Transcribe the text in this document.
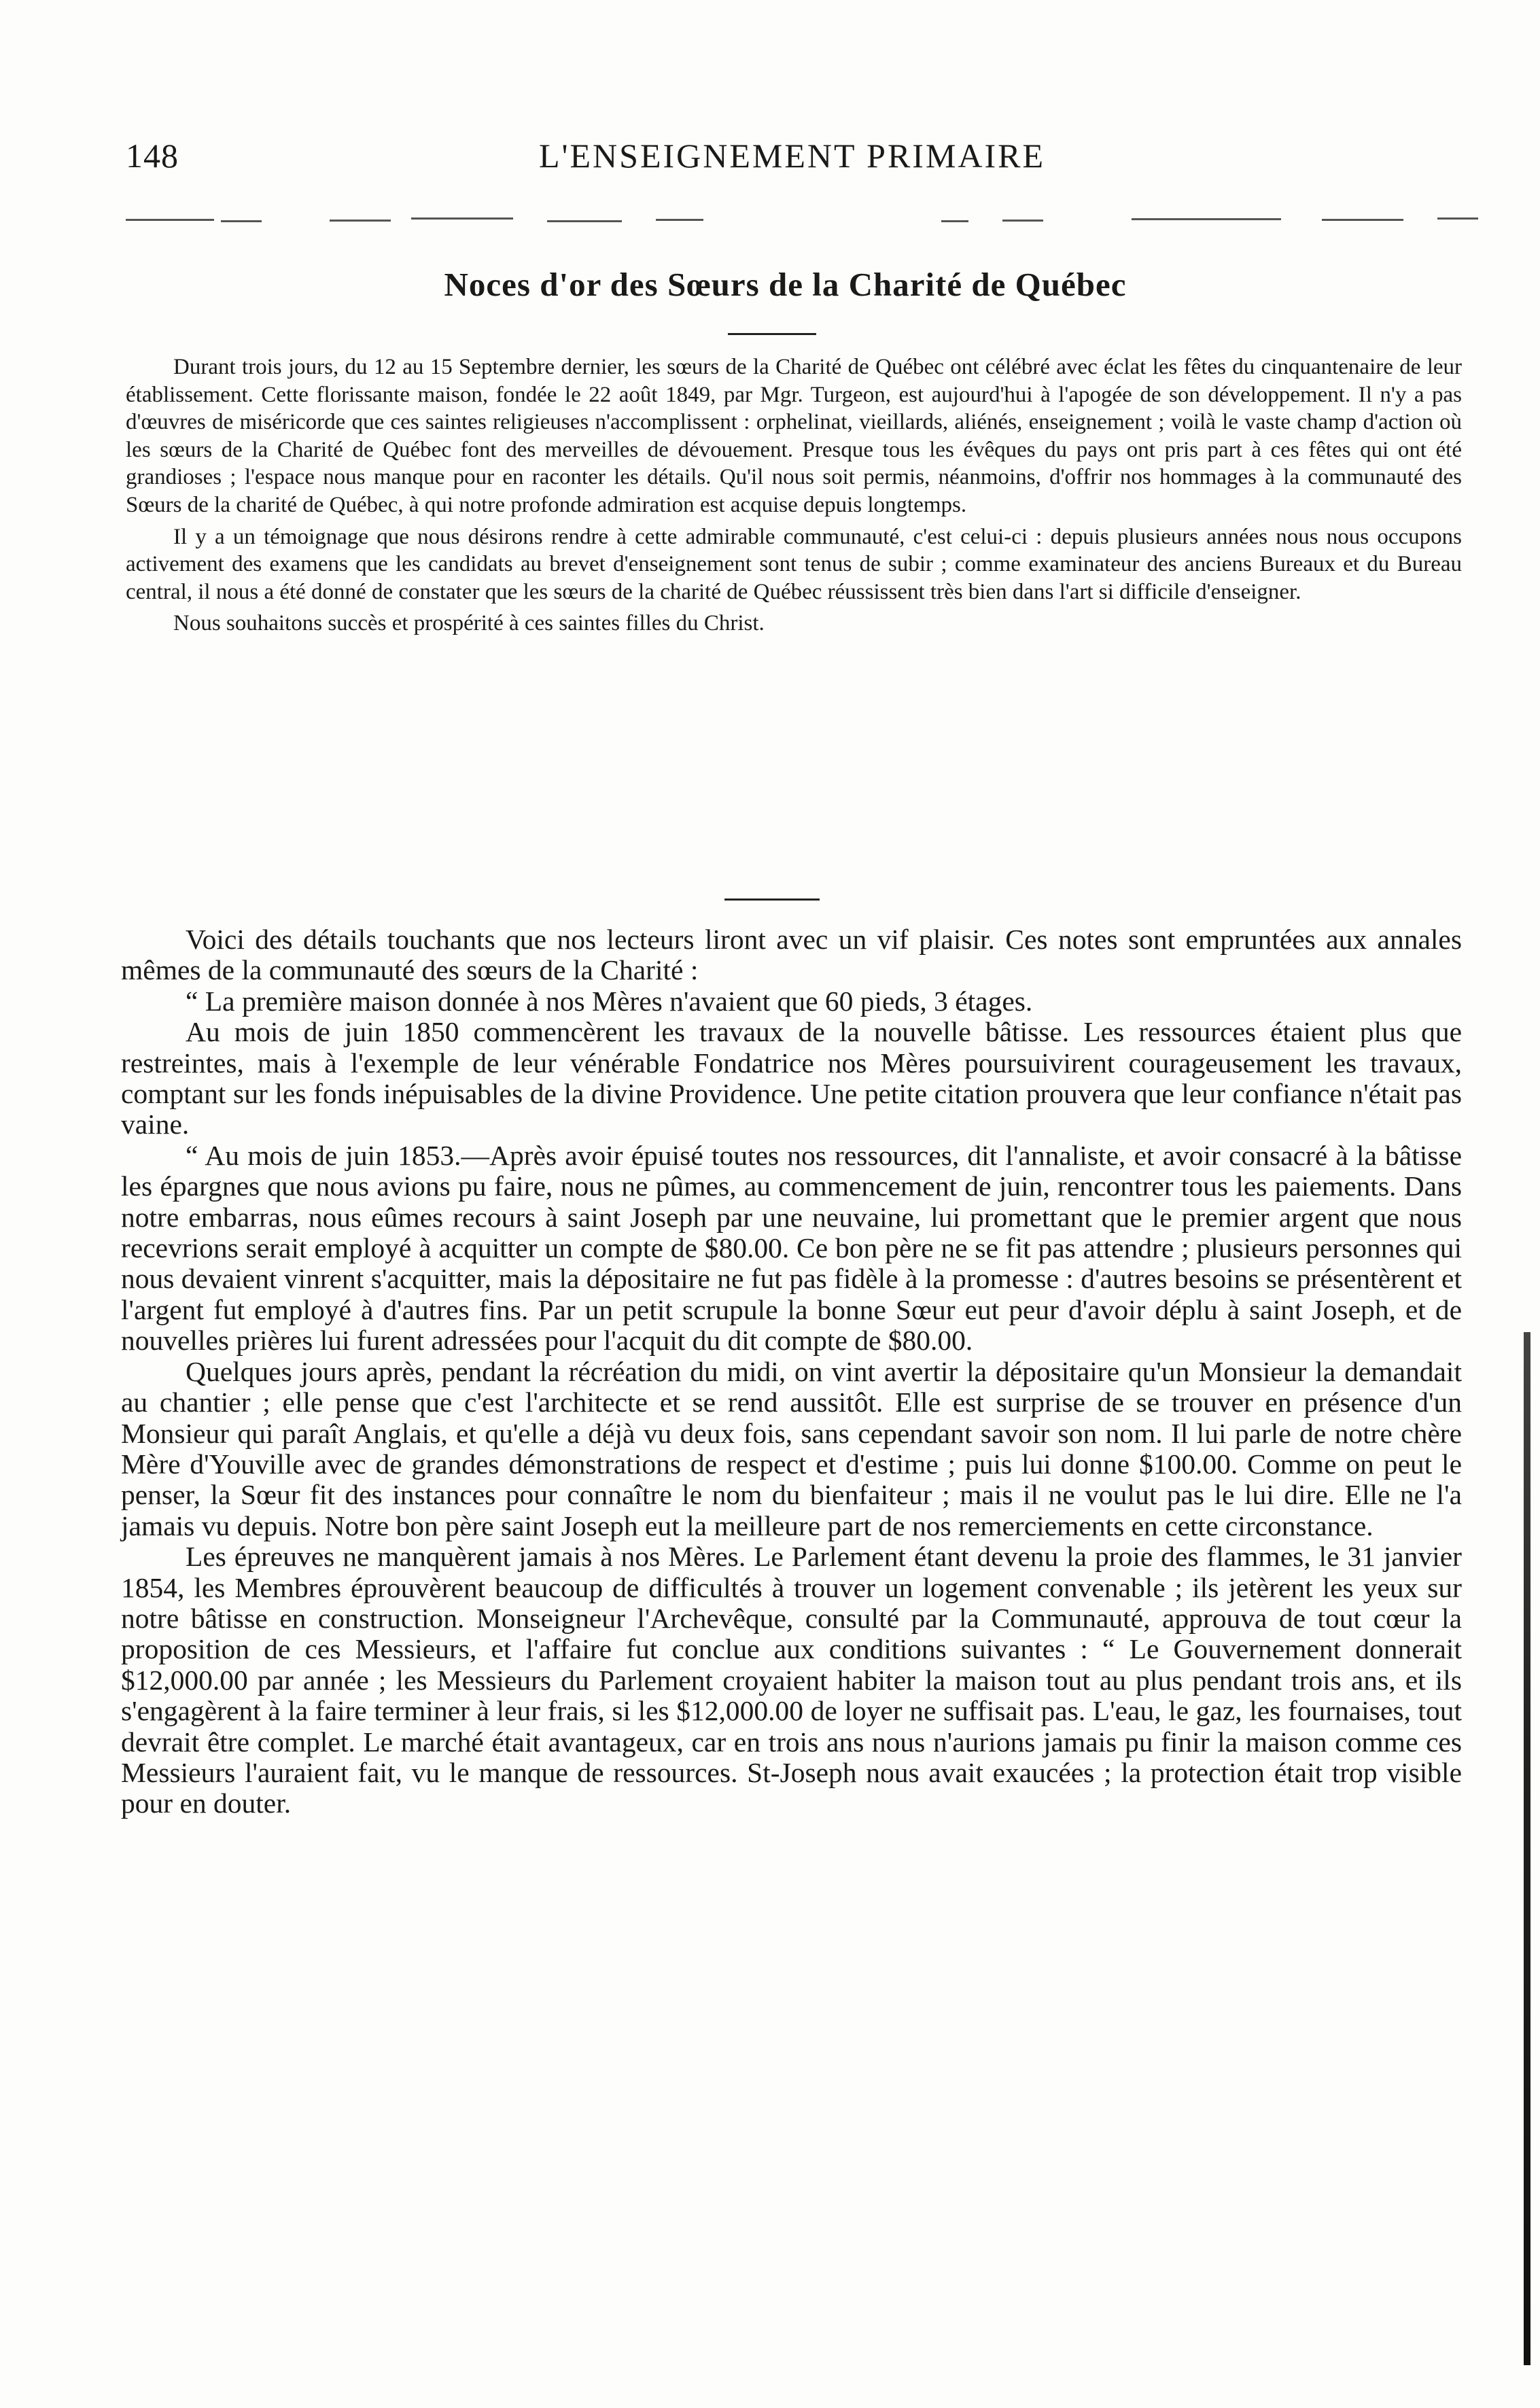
148	L'ENSEIGNEMENT PRIMAIRE
Noces d'or des Sœurs de la Charité de Québec

Durant trois jours, du 12 au 15 Septembre dernier, les sœurs de la Charité de Québec ont célébré avec éclat les fêtes du cinquantenaire de leur établissement. Cette florissante maison, fondée le 22 août 1849, par Mgr. Turgeon, est aujourd'hui à l'apogée de son développement. Il n'y a pas d'œuvres de miséricorde que ces saintes religieuses n'accomplissent : orphelinat, vieillards, aliénés, enseignement ; voilà le vaste champ d'action où les sœurs de la Charité de Québec font des merveilles de dévouement. Presque tous les évêques du pays ont pris part à ces fêtes qui ont été grandioses ; l'espace nous manque pour en raconter les détails. Qu'il nous soit permis, néanmoins, d'offrir nos hommages à la communauté des Sœurs de la charité de Québec, à qui notre profonde admiration est acquise depuis longtemps.

Il y a un témoignage que nous désirons rendre à cette admirable communauté, c'est celui-ci : depuis plusieurs années nous nous occupons activement des examens que les candidats au brevet d'enseignement sont tenus de subir ; comme examinateur des anciens Bureaux et du Bureau central, il nous a été donné de constater que les sœurs de la charité de Québec réussissent très bien dans l'art si difficile d'enseigner.

Nous souhaitons succès et prospérité à ces saintes filles du Christ.

Voici des détails touchants que nos lecteurs liront avec un vif plaisir. Ces notes sont empruntées aux annales mêmes de la communauté des sœurs de la Charité :

“ La première maison donnée à nos Mères n'avaient que 60 pieds, 3 étages.

Au mois de juin 1850 commencèrent les travaux de la nouvelle bâtisse. Les ressources étaient plus que restreintes, mais à l'exemple de leur vénérable Fondatrice nos Mères poursuivirent courageusement les travaux, comptant sur les fonds inépuisables de la divine Providence. Une petite citation prouvera que leur confiance n'était pas vaine.

“ Au mois de juin 1853.—Après avoir épuisé toutes nos ressources, dit l'annaliste, et avoir consacré à la bâtisse les épargnes que nous avions pu faire, nous ne pûmes, au commencement de juin, rencontrer tous les paiements. Dans notre embarras, nous eûmes recours à saint Joseph par une neuvaine, lui promettant que le premier argent que nous recevrions serait employé à acquitter un compte de $80.00. Ce bon père ne se fit pas attendre ; plusieurs personnes qui nous devaient vinrent s'acquitter, mais la dépositaire ne fut pas fidèle à la promesse : d'autres besoins se présentèrent et l'argent fut employé à d'autres fins. Par un petit scrupule la bonne Sœur eut peur d'avoir déplu à saint Joseph, et de nouvelles prières lui furent adressées pour l'acquit du dit compte de $80.00.

Quelques jours après, pendant la récréation du midi, on vint avertir la dépositaire qu'un Monsieur la demandait au chantier ; elle pense que c'est l'architecte et se rend aussitôt. Elle est surprise de se trouver en présence d'un Monsieur qui paraît Anglais, et qu'elle a déjà vu deux fois, sans cependant savoir son nom. Il lui parle de notre chère Mère d'Youville avec de grandes démonstrations de respect et d'estime ; puis lui donne $100.00. Comme on peut le penser, la Sœur fit des instances pour connaître le nom du bienfaiteur ; mais il ne voulut pas le lui dire. Elle ne l'a jamais vu depuis. Notre bon père saint Joseph eut la meilleure part de nos remerciements en cette circonstance.

Les épreuves ne manquèrent jamais à nos Mères. Le Parlement étant devenu la proie des flammes, le 31 janvier 1854, les Membres éprouvèrent beaucoup de difficultés à trouver un logement convenable ; ils jetèrent les yeux sur notre bâtisse en construction. Monseigneur l'Archevêque, consulté par la Communauté, approuva de tout cœur la proposition de ces Messieurs, et l'affaire fut conclue aux conditions suivantes : “ Le Gouvernement donnerait $12,000.00 par année ; les Messieurs du Parlement croyaient habiter la maison tout au plus pendant trois ans, et ils s'engagèrent à la faire terminer à leur frais, si les $12,000.00 de loyer ne suffisait pas. L'eau, le gaz, les fournaises, tout devrait être complet. Le marché était avantageux, car en trois ans nous n'aurions jamais pu finir la maison comme ces Messieurs l'auraient fait, vu le manque de ressources. St-Joseph nous avait exaucées ; la protection était trop visible pour en douter.
